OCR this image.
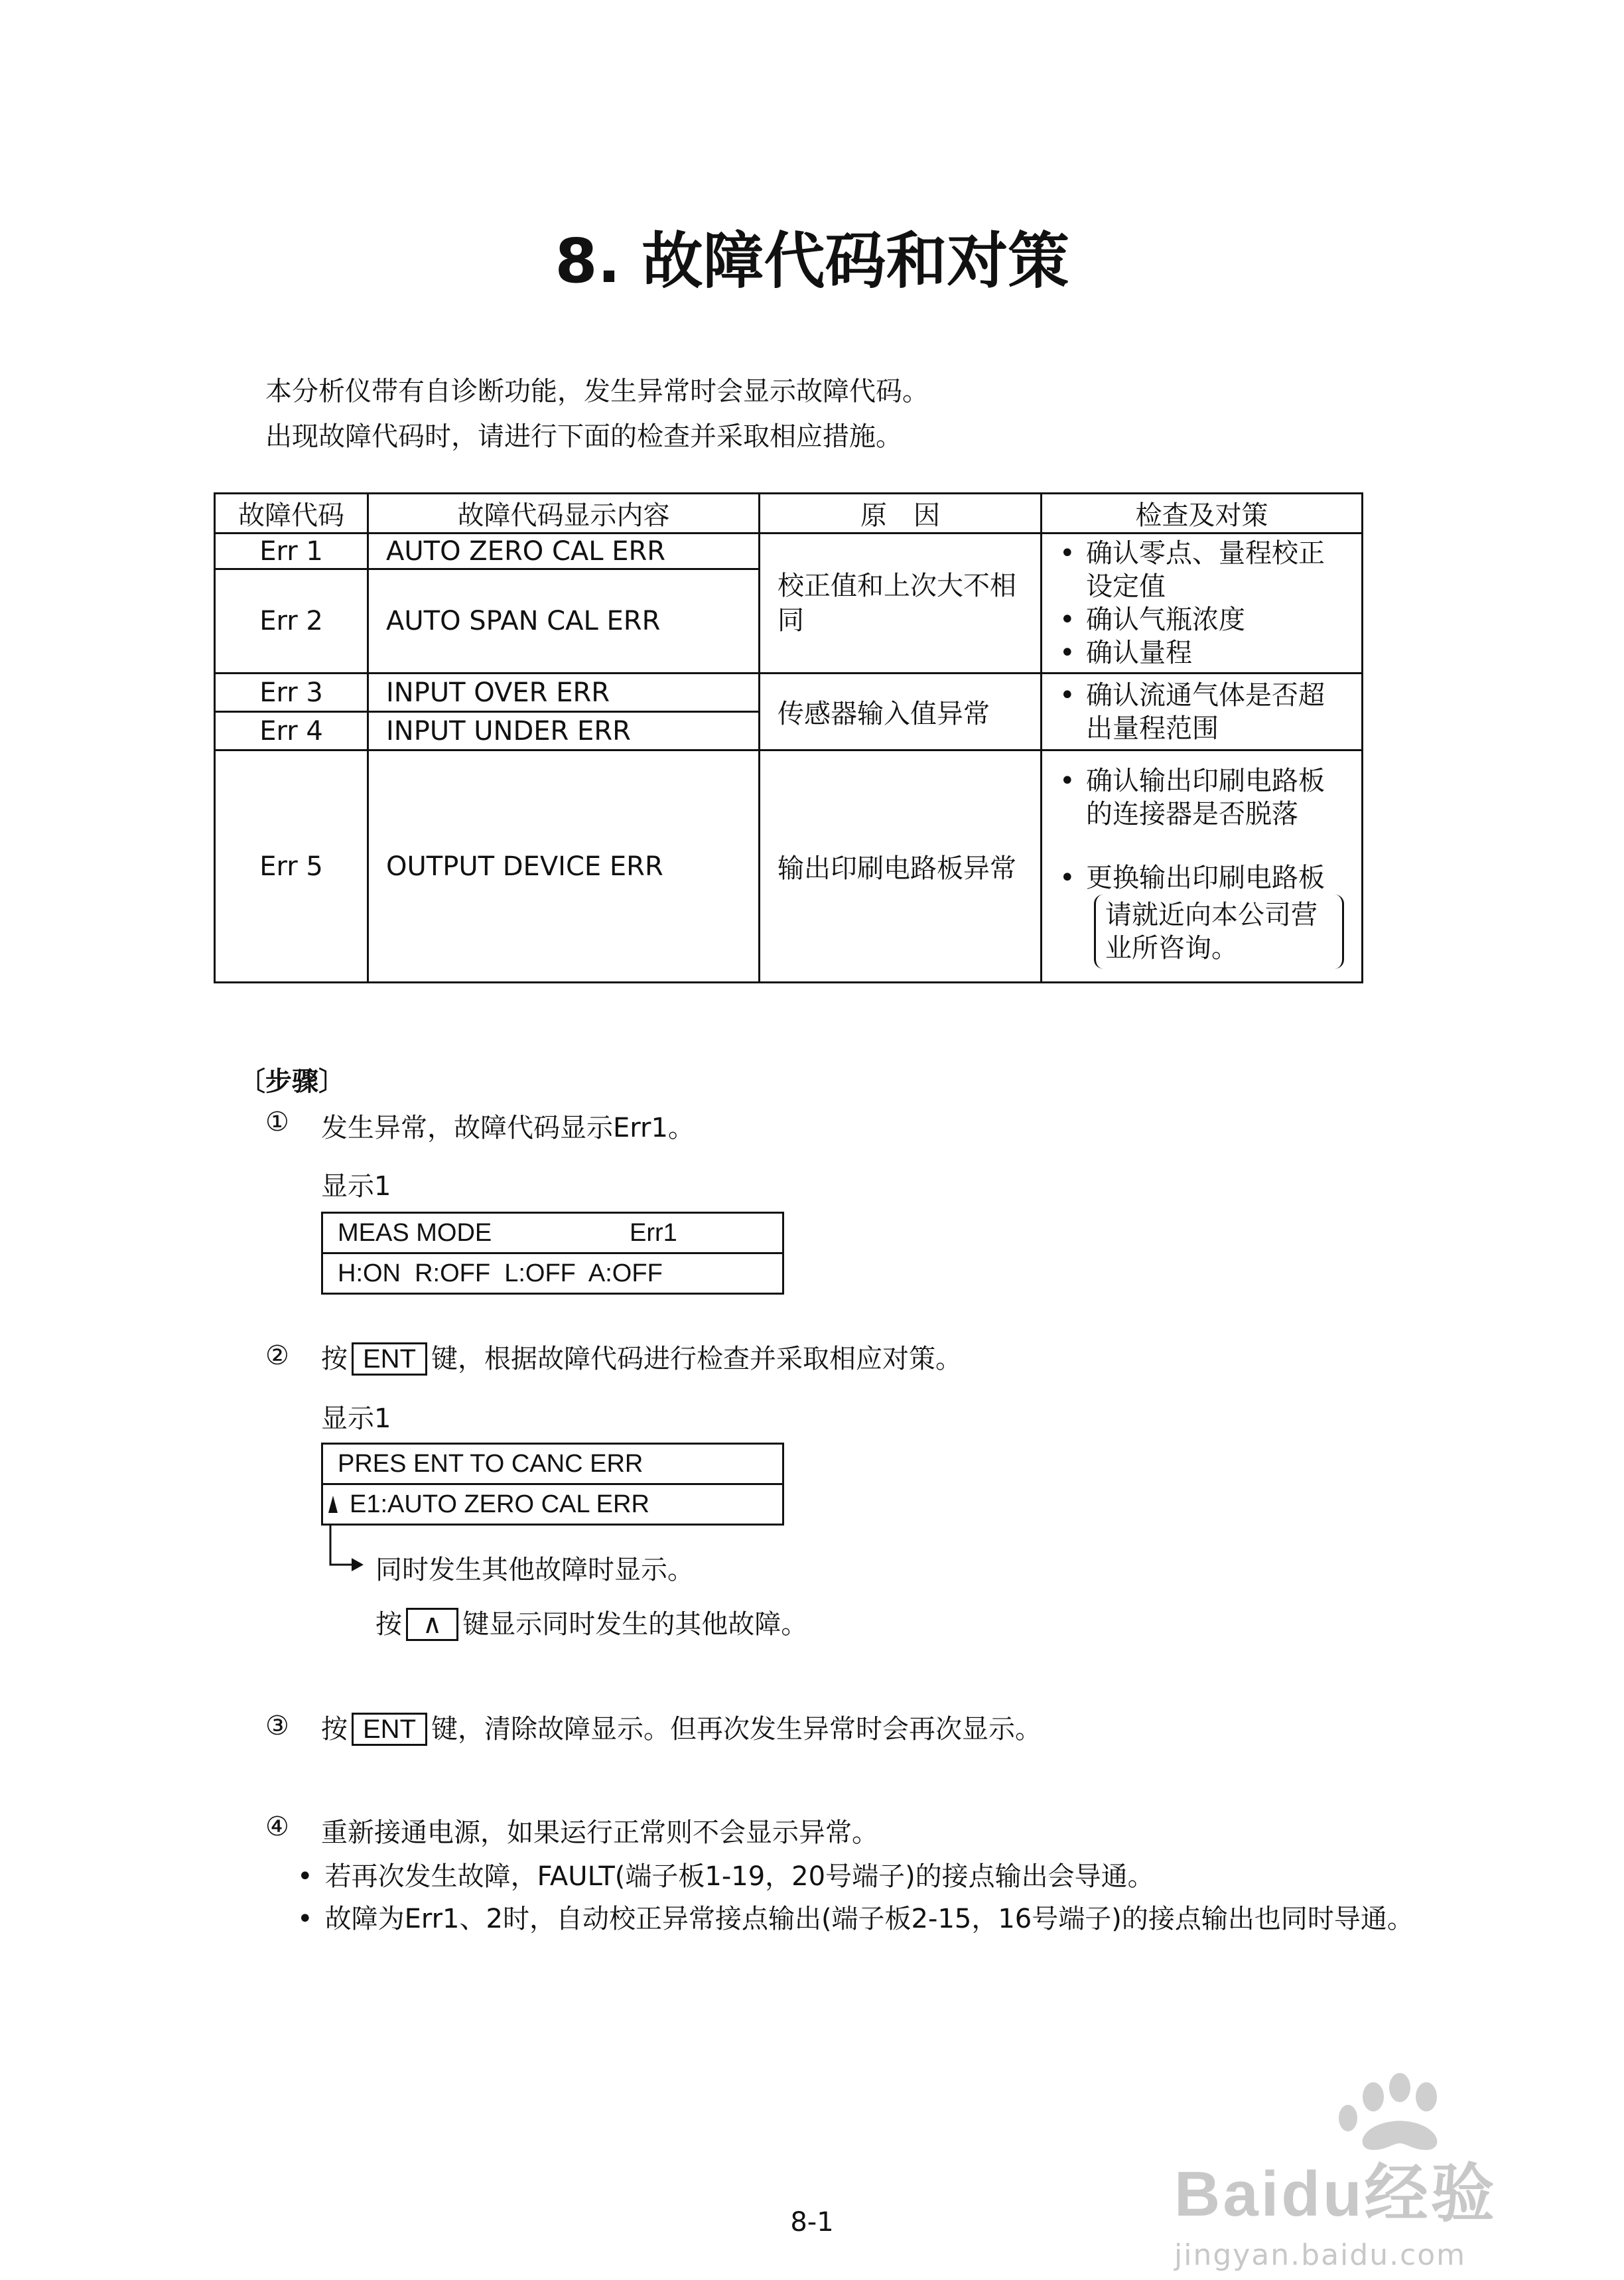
8. 故障代码和对策
本分析仪带有自诊断功能，发生异常时会显示故障代码。
出现故障代码时，请进行下面的检查并采取相应措施。
故障代码	故障代码显示内容	原　因	检查及对策
Err 1	AUTO ZERO CAL ERR	校正值和上次大不相同	• 确认零点、量程校正设定值
• 确认气瓶浓度
• 确认量程

Err 2	AUTO SPAN CAL ERR		
Err 3	INPUT OVER ERR	传感器输入值异常	• 确认流通气体是否超出量程范围

Err 4	INPUT UNDER ERR		
Err 5	OUTPUT DEVICE ERR	输出印刷电路板异常	• 确认输出印刷电路板的连接器是否脱落
• 更换输出印刷电路板
请就近向本公司营业所咨询。
〔步骤〕
① 发生异常，故障代码显示Err1。
显示1
MEAS MODE	Err1
H:ON  R:OFF  L:OFF  A:OFF
② 按 ENT 键，根据故障代码进行检查并采取相应对策。
显示1
PRES ENT TO CANC ERR
E1:AUTO ZERO CAL ERR
同时发生其他故障时显示。
按 ∧ 键显示同时发生的其他故障。
③ 按 ENT 键，清除故障显示。但再次发生异常时会再次显示。
④ 重新接通电源，如果运行正常则不会显示异常。
• 若再次发生故障，FAULT(端子板1-19，20号端子)的接点输出会导通。
• 故障为Err1、2时，自动校正异常接点输出(端子板2-15，16号端子)的接点输出也同时导通。
Baidu经验
jingyan.baidu.com
8-1
